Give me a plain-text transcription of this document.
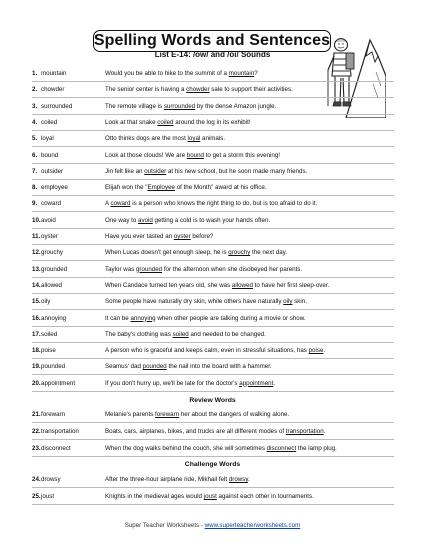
Spelling Words and Sentences
List E-14: /ow/ and /oi/ Sounds
1. mountain	Would you be able to hike to the summit of a mountain?
2. chowder	The senior center is having a chowder sale to support their activities.
3. surrounded	The remote village is surrounded by the dense Amazon jungle.
4. coiled	Look at that snake coiled around the log in its exhibit!
5. loyal	Otto thinks dogs are the most loyal animals.
6. bound	Look at those clouds! We are bound to get a storm this evening!
7. outsider	Jin felt like an outsider at his new school, but he soon made many friends.
8. employee	Elijah won the "Employee of the Month" award at his office.
9. coward	A coward is a person who knows the right thing to do, but is too afraid to do it.
10. avoid	One way to avoid getting a cold is to wash your hands often.
11. oyster	Have you ever tasted an oyster before?
12. grouchy	When Lucas doesn't get enough sleep, he is grouchy the next day.
13. grounded	Taylor was grounded for the afternoon when she disobeyed her parents.
14. allowed	When Candace turned ten years old, she was allowed to have her first sleep-over.
15. oily	Some people have naturally dry skin, while others have naturally oily skin.
16. annoying	It can be annoying when other people are talking during a movie or show.
17. soiled	The baby's clothing was soiled and needed to be changed.
18. poise	A person who is graceful and keeps calm, even in stressful situations, has poise.
19. pounded	Seamus' dad pounded the nail into the board with a hammer.
20. appointment	If you don't hurry up, we'll be late for the doctor's appointment.
21. forewarn	Melanie's parents forewarn her about the dangers of walking alone.
22. transportation	Boats, cars, airplanes, bikes, and trucks are all different modes of transportation.
23. disconnect	When the dog walks behind the couch, she will sometimes disconnect the lamp plug.
24. drowsy	After the three-hour airplane ride, Mikhail felt drowsy.
25. joust	Knights in the medieval ages would joust against each other in tournaments.
Review Words
Challenge Words
Super Teacher Worksheets - www.superteacherworksheets.com
